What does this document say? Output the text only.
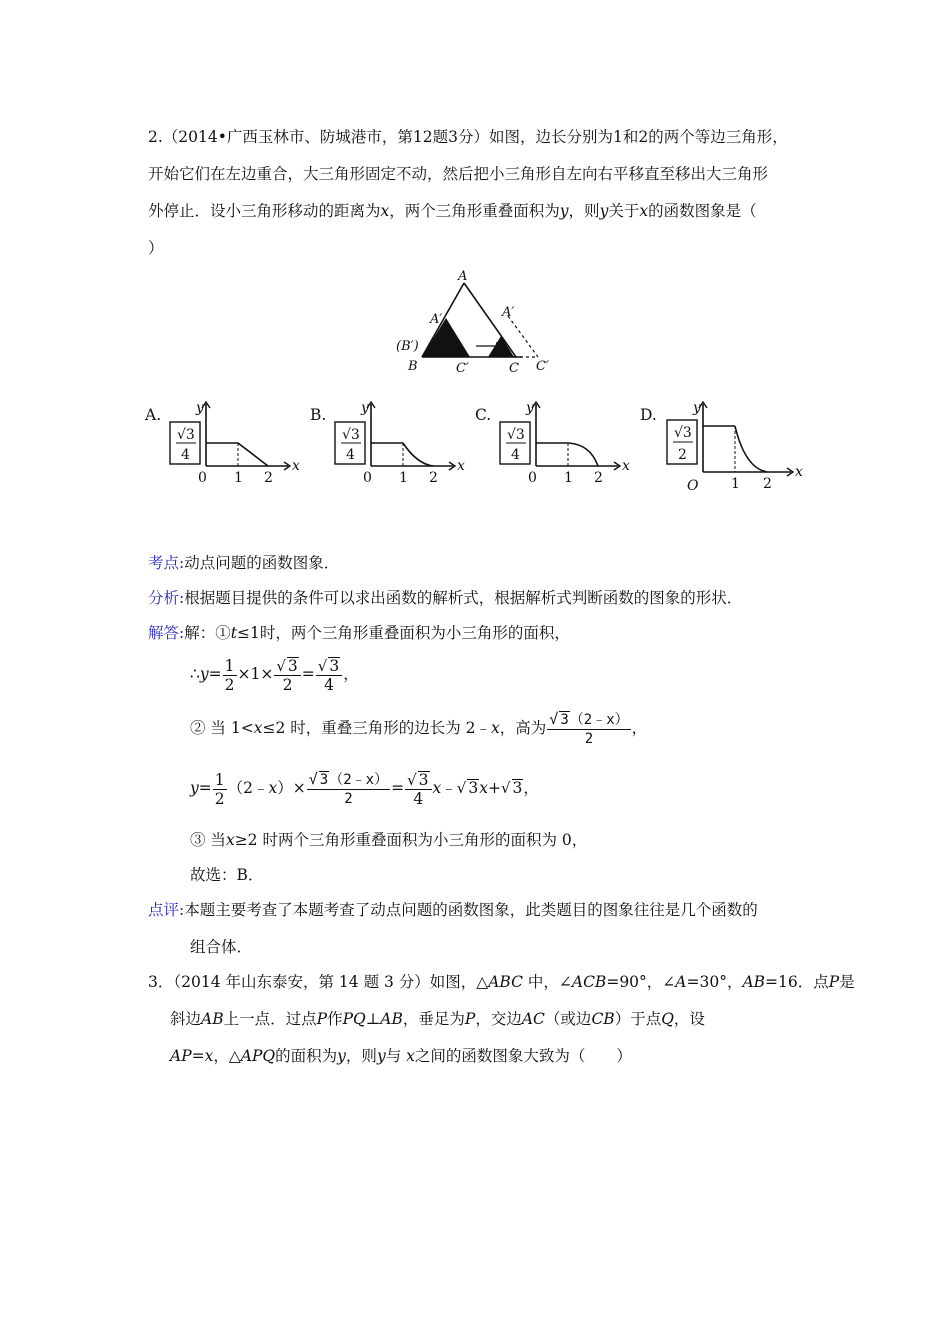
2.（2014•广西玉林市、防城港市，第12题3分）如图，边长分别为1和2的两个等边三角形，
开始它们在左边重合，大三角形固定不动，然后把小三角形自左向右平移直至移出大三角形
外停止．设小三角形移动的距离为x，两个三角形重叠面积为y，则y关于x的函数图象是（
）
A
A′
(B′)
B	C′	C
A′
C′
A.	B.	C.	D.
y
√3
4
0 1 2
x
y
√3
4
0 1 2
x
y
√3
4
0 1 2
x
y
√3
2
O 1 2
x
考点:动点问题的函数图象．
分析:根据题目提供的条件可以求出函数的解析式，根据解析式判断函数的图象的形状．
解答:解：①t≤1时，两个三角形重叠面积为小三角形的面积，
∴y= $\frac{1}{2} \times 1\times \frac{√ 3}{2} = \frac{√ 3}{4}$ ，
② 当 1<x≤2 时，重叠三角形的边长为 2﹣x，高为 $\frac{√ 3(2﹣x)}{2}$ ，
$y= \frac{1}{2}$ （2﹣x）× $\frac{√ 3(2﹣x)}{2} = \frac{√ 3}{4}$ x﹣√ 3x+√ 3，
③ 当x≥2 时两个三角形重叠面积为小三角形的面积为 0，
故选：B．
点评:本题主要考查了本题考查了动点问题的函数图象，此类题目的图象往往是几个函数的
组合体．
3．（2014 年山东泰安，第 14 题 3 分）如图，△ABC 中，∠ACB=90°，∠A=30°，AB=16．点P是
斜边AB上一点．过点P作PQ⊥AB，垂足为P，交边AC（或边CB）于点Q，设
AP=x，△APQ的面积为y，则y与 x之间的函数图象大致为（　　）
